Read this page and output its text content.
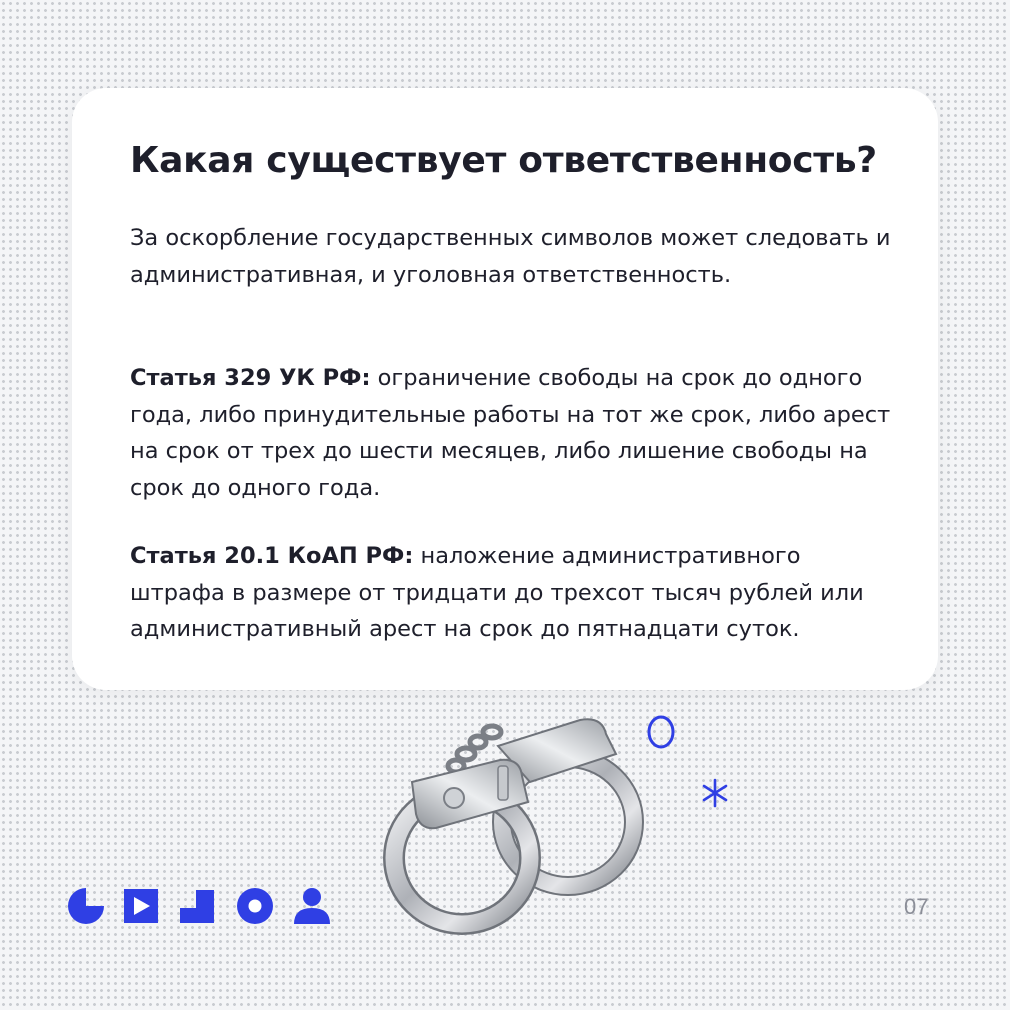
Какая существует ответственность?

За оскорбление государственных символов может следовать и административная, и уголовная ответственность.

Статья 329 УК РФ: ограничение свободы на срок до одного года, либо принудительные работы на тот же срок, либо арест на срок от трех до шести месяцев, либо лишение свободы на срок до одного года.

Статья 20.1 КоАП РФ: наложение административного штрафа в размере от тридцати до трехсот тысяч рублей или административный арест на срок до пятнадцати суток.

07
